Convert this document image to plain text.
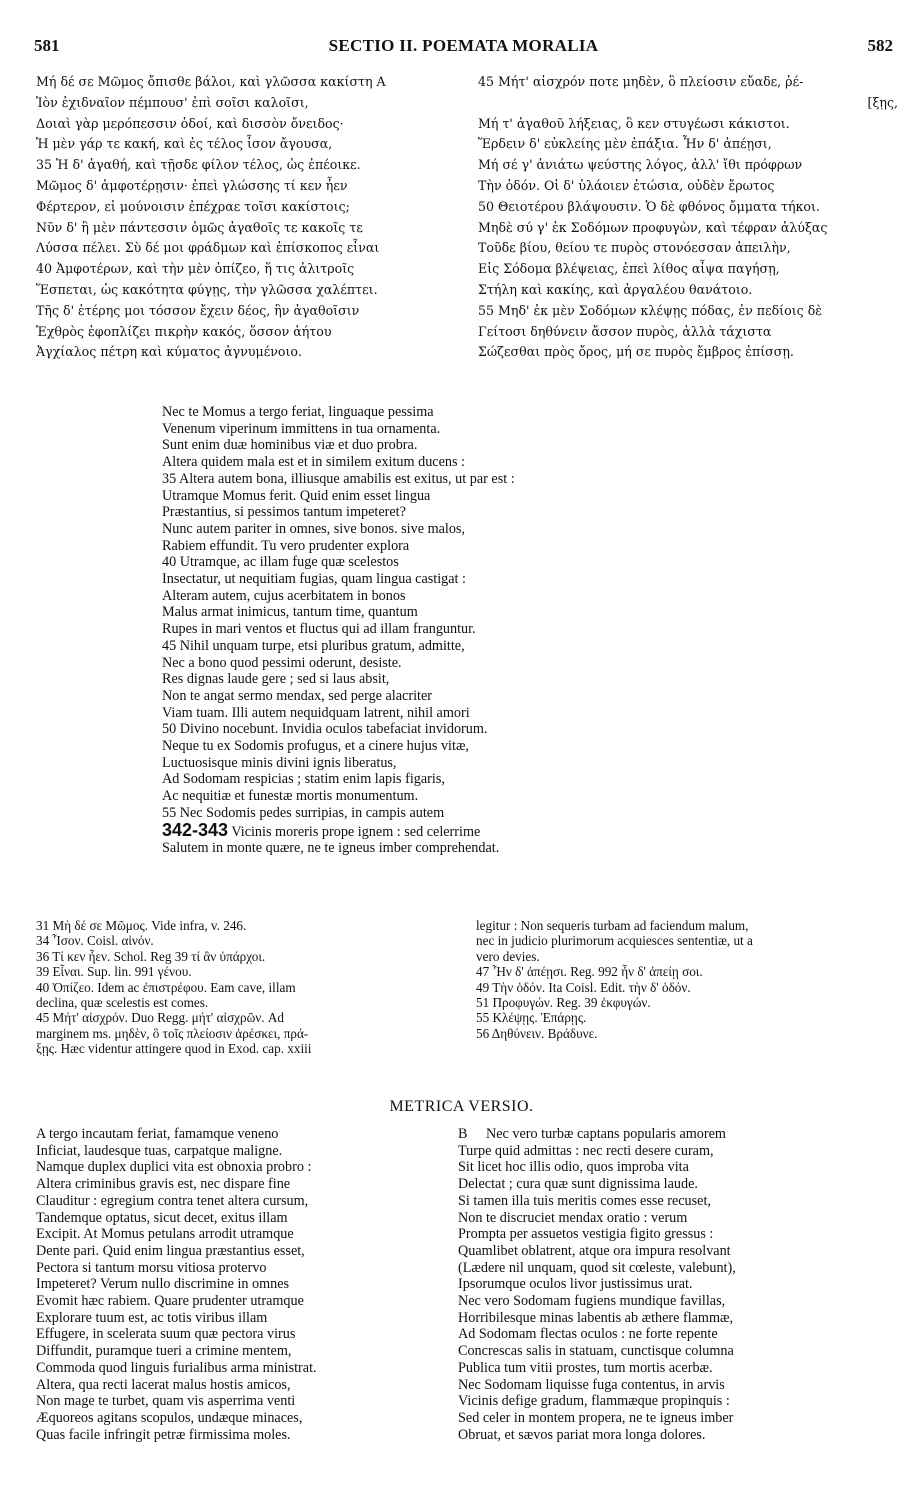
581	SECTIO II. POEMATA MORALIA	582
Μή δέ σε Μῶμος ὄπισθε βάλοι, καὶ γλῶσσα κακίστη A
Ἰὸν ἐχιδναῖον πέμπουσ' ἐπὶ σοῖσι καλοῖσι,
Δοιαὶ γὰρ μερόπεσσιν ὁδοί, καὶ δισσὸν ὄνειδος·
Ἡ μὲν γάρ τε κακή, καὶ ἐς τέλος ἶσον ἄγουσα,
35 Ἡ δ' ἀγαθή, καὶ τῇσδε φίλον τέλος, ὡς ἐπέοικε.
Μῶμος δ' ἀμφοτέρῃσιν· ἐπεὶ γλώσσης τί κεν ἦεν
Φέρτερον, εἰ μούνοισιν ἐπέχραε τοῖσι κακίστοις;
Νῦν δ' ἣ μὲν πάντεσσιν ὁμῶς ἀγαθοῖς τε κακοῖς τε
Λύσσα πέλει. Σὺ δέ μοι φράδμων καὶ ἐπίσκοπος εἶναι
40 Ἀμφοτέρων, καὶ τὴν μὲν ὀπίζεο, ἥ τις ἀλιτροῖς
Ἕσπεται, ὡς κακότητα φύγῃς, τὴν γλῶσσα χαλέπτει.
Τῆς δ' ἑτέρης μοι τόσσον ἔχειν δέος, ἣν ἀγαθοῖσιν
Ἐχθρὸς ἐφοπλίζει πικρὴν κακός, ὅσσον ἀήτου
Ἀγχίαλος πέτρη καὶ κύματος ἀγνυμένοιο.
45 Μήτ' αἰσχρόν ποτε μηδὲν, ὃ πλείοσιν εὔαδε, ῥέ-
[ξῃς,
Μή τ' ἀγαθοῦ λήξειας, ὃ κεν στυγέωσι κάκιστοι.
Ἕρδειν δ' εὐκλείης μὲν ἐπάξια. Ἦν δ' ἀπέῃσι,
Μή σέ γ' ἀνιάτω ψεύστης λόγος, ἀλλ' ἴθι πρόφρων
Τὴν ὁδόν. Οἱ δ' ὑλάοιεν ἐτώσια, οὐδὲν ἔρωτος
50 Θειοτέρου βλάψουσιν. Ὁ δὲ φθόνος ὄμματα τήκοι.
Μηδὲ σύ γ' ἐκ Σοδόμων προφυγὼν, καὶ τέφραν ἀλύξας
Τοῦδε βίου, θείου τε πυρὸς στονόεσσαν ἀπειλὴν,
Εἰς Σόδομα βλέψειας, ἐπεὶ λίθος αἶψα παγήσῃ,
Στήλη καὶ κακίης, καὶ ἀργαλέου θανάτοιο.
55 Μηδ' ἐκ μὲν Σοδόμων κλέψῃς πόδας, ἐν πεδίοις δὲ
Γείτοσι δηθύνειν ἄσσον πυρὸς, ἀλλὰ τάχιστα
Σώζεσθαι πρὸς ὄρος, μή σε πυρὸς ἔμβρος ἐπίσσῃ.
Nec te Momus a tergo feriat, linguaque pessima
Venenum viperinum immittens in tua ornamenta.
Sunt enim duæ hominibus viæ et duo probra.
Altera quidem mala est et in similem exitum ducens :
35 Altera autem bona, illiusque amabilis est exitus, ut par est :
Utramque Momus ferit. Quid enim esset lingua
Præstantius, si pessimos tantum impeteret?
Nunc autem pariter in omnes, sive bonos. sive malos,
Rabiem effundit. Tu vero prudenter explora
40 Utramque, ac illam fuge quæ scelestos
Insectatur, ut nequitiam fugias, quam lingua castigat :
Alteram autem, cujus acerbitatem in bonos
Malus armat inimicus, tantum time, quantum
Rupes in mari ventos et fluctus qui ad illam franguntur.
45 Nihil unquam turpe, etsi pluribus gratum, admitte,
Nec a bono quod pessimi oderunt, desiste.
Res dignas laude gere ; sed si laus absit,
Non te angat sermo mendax, sed perge alacriter
Viam tuam. Illi autem nequidquam latrent, nihil amori
50 Divino nocebunt. Invidia oculos tabefaciat invidorum.
Neque tu ex Sodomis profugus, et a cinere hujus vitæ,
Luctuosisque minis divini ignis liberatus,
Ad Sodomam respicias ; statim enim lapis figaris,
Ac nequitiæ et funestæ mortis monumentum.
55 Nec Sodomis pedes surripias, in campis autem
342-343 Vicinis moreris prope ignem : sed celerrime
Salutem in monte quære, ne te igneus imber comprehendat.
31 Μὴ δέ σε Μῶμος. Vide infra, v. 246.
34 Ἶσον. Coisl. αἰνόν.
36 Τί κεν ἦεν. Schol. Reg 39 τί ἂν ὑπάρχοι.
39 Εἶναι. Sup. lin. 991 γένου.
40 Ὀπίζεο. Idem ac ἐπιστρέφου. Eam cave, illam
declina, quæ scelestis est comes.
45 Μήτ' αἰσχρόν. Duo Regg. μήτ' αἰσχρῶν. Ad
marginem ms. μηδὲν, ὃ τοῖς πλείοσιν ἀρέσκει, πρά-
ξῃς. Hæc videntur attingere quod in Exod. cap. xxiii
legitur : Non sequeris turbam ad faciendum malum,
nec in judicio plurimorum acquiesces sententiæ, ut a
vero devies.
47 Ἦν δ' ἀπέῃσι. Reg. 992 ἦν δ' ἀπείῃ σοι.
49 Τὴν ὁδόν. Ita Coisl. Edit. τὴν δ' ὁδόν.
51 Προφυγών. Reg. 39 ἐκφυγών.
55 Κλέψῃς. Ἐπάρῃς.
56 Δηθύνειν. Βράδυνε.
METRICA VERSIO.
A tergo incautam feriat, famamque veneno
Inficiat, laudesque tuas, carpatque maligne.
Namque duplex duplici vita est obnoxia probro :
Altera criminibus gravis est, nec dispare fine
Clauditur : egregium contra tenet altera cursum,
Tandemque optatus, sicut decet, exitus illam
Excipit. At Momus petulans arrodit utramque
Dente pari. Quid enim lingua præstantius esset,
Pectora si tantum morsu vitiosa protervo
Impeteret? Verum nullo discrimine in omnes
Evomit hæc rabiem. Quare prudenter utramque
Explorare tuum est, ac totis viribus illam
Effugere, in scelerata suum quæ pectora virus
Diffundit, puramque tueri a crimine mentem,
Commoda quod linguis furialibus arma ministrat.
Altera, qua recti lacerat malus hostis amicos,
Non mage te turbet, quam vis asperrima venti
Æquoreos agitans scopulos, undæque minaces,
Quas facile infringit petræ firmissima moles.
B Nec vero turbæ captans popularis amorem
Turpe quid admittas : nec recti desere curam,
Sit licet hoc illis odio, quos improba vita
Delectat ; cura quæ sunt dignissima laude.
Si tamen illa tuis meritis comes esse recuset,
Non te discruciet mendax oratio : verum
Prompta per assuetos vestigia figito gressus :
Quamlibet oblatrent, atque ora impura resolvant
(Lædere nil unquam, quod sit cœleste, valebunt),
Ipsorumque oculos livor justissimus urat.
Nec vero Sodomam fugiens mundique favillas,
Horribilesque minas labentis ab æthere flammæ,
Ad Sodomam flectas oculos : ne forte repente
Concrescas salis in statuam, cunctisque columna
Publica tum vitii prostes, tum mortis acerbæ.
Nec Sodomam liquisse fuga contentus, in arvis
Vicinis defige gradum, flammæque propinquis :
Sed celer in montem propera, ne te igneus imber
Obruat, et sævos pariat mora longa dolores.
